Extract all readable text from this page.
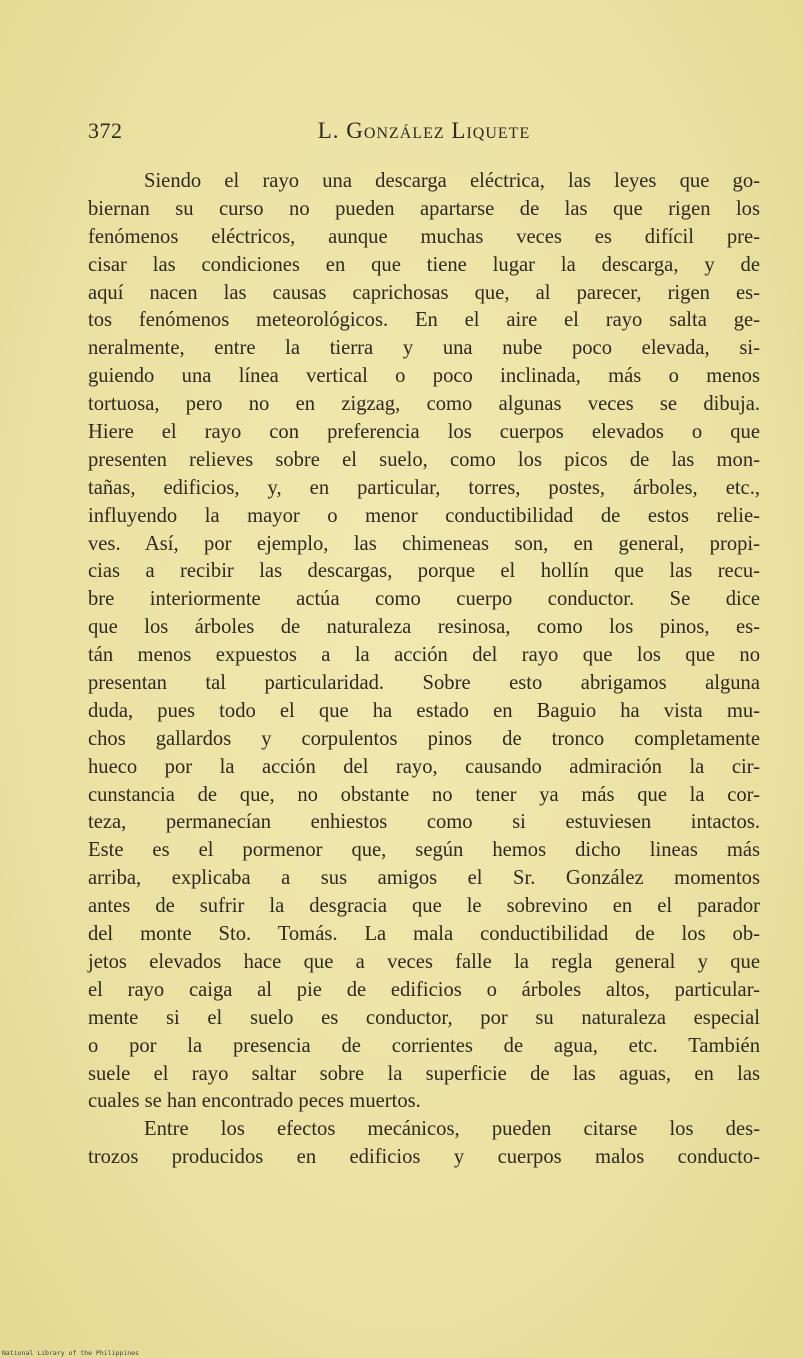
372	L. González Liquete
Siendo el rayo una descarga eléctrica, las leyes que go-
biernan su curso no pueden apartarse de las que rigen los
fenómenos eléctricos, aunque muchas veces es difícil pre-
cisar las condiciones en que tiene lugar la descarga, y de
aquí nacen las causas caprichosas que, al parecer, rigen es-
tos fenómenos meteorológicos. En el aire el rayo salta ge-
neralmente, entre la tierra y una nube poco elevada, si-
guiendo una línea vertical o poco inclinada, más o menos
tortuosa, pero no en zigzag, como algunas veces se dibuja.
Hiere el rayo con preferencia los cuerpos elevados o que
presenten relieves sobre el suelo, como los picos de las mon-
tañas, edificios, y, en particular, torres, postes, árboles, etc.,
influyendo la mayor o menor conductibilidad de estos relie-
ves. Así, por ejemplo, las chimeneas son, en general, propi-
cias a recibir las descargas, porque el hollín que las recu-
bre interiormente actúa como cuerpo conductor. Se dice
que los árboles de naturaleza resinosa, como los pinos, es-
tán menos expuestos a la acción del rayo que los que no
presentan tal particularidad. Sobre esto abrigamos alguna
duda, pues todo el que ha estado en Baguio ha vista mu-
chos gallardos y corpulentos pinos de tronco completamente
hueco por la acción del rayo, causando admiración la cir-
cunstancia de que, no obstante no tener ya más que la cor-
teza, permanecían enhiestos como si estuviesen intactos.
Este es el pormenor que, según hemos dicho lineas más
arriba, explicaba a sus amigos el Sr. González momentos
antes de sufrir la desgracia que le sobrevino en el parador
del monte Sto. Tomás. La mala conductibilidad de los ob-
jetos elevados hace que a veces falle la regla general y que
el rayo caiga al pie de edificios o árboles altos, particular-
mente si el suelo es conductor, por su naturaleza especial
o por la presencia de corrientes de agua, etc. También
suele el rayo saltar sobre la superficie de las aguas, en las
cuales se han encontrado peces muertos.
Entre los efectos mecánicos, pueden citarse los des-
trozos producidos en edificios y cuerpos malos conducto-
National Library of the Philippines
